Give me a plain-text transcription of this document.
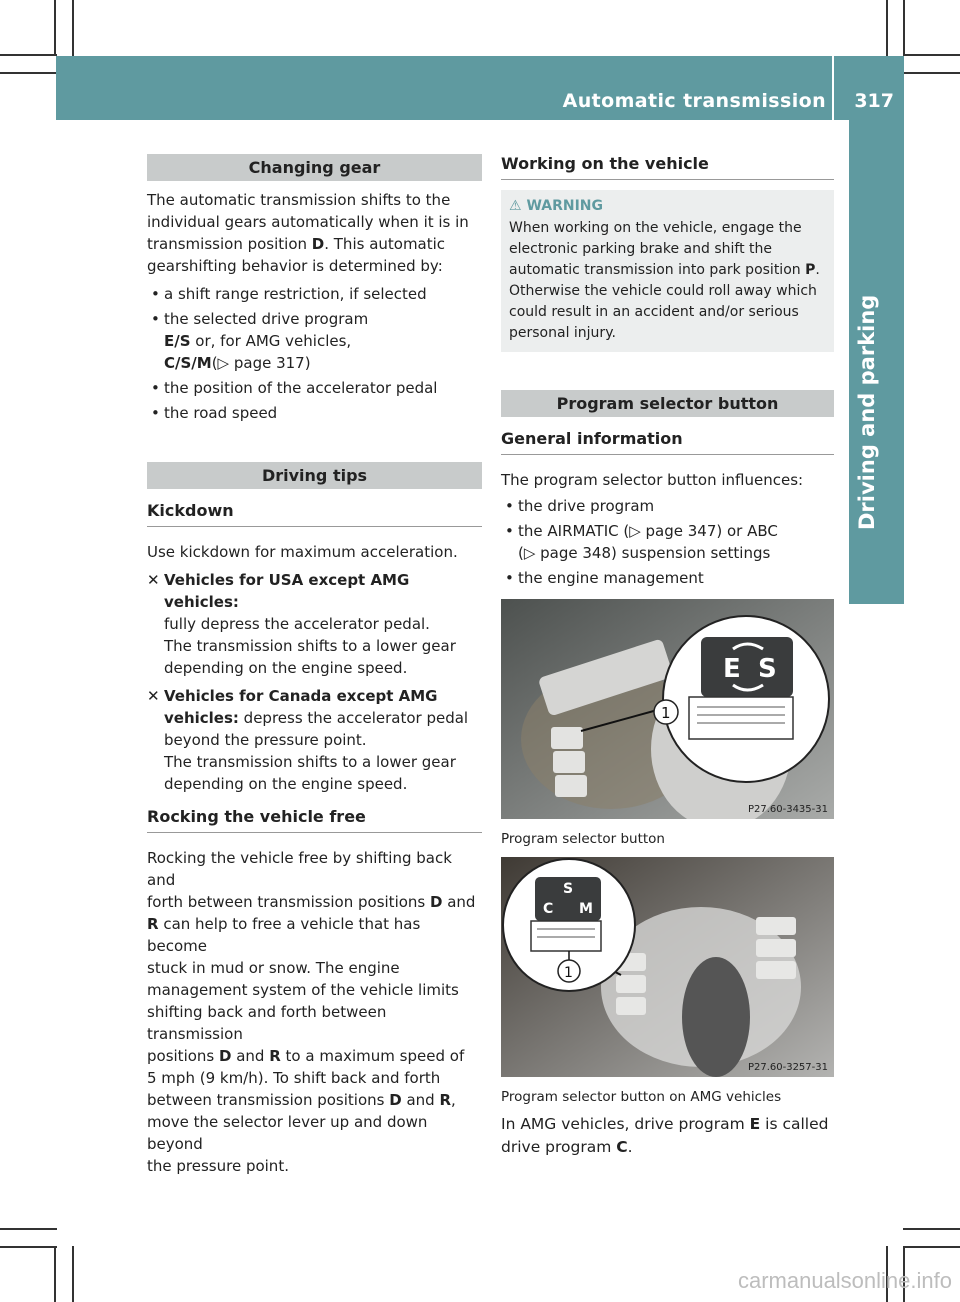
Automatic transmission 317
Driving and parking
Changing gear

The automatic transmission shifts to the

individual gears automatically when it is in

transmission position D. This automatic

gearshifting behavior is determined by:

• a shift range restriction, if selected
• the selected drive program
E/S or, for AMG vehicles,
C/S/M(▷ page 317)
• the position of the accelerator pedal
• the road speed
Driving tips
Kickdown

Use kickdown for maximum acceleration.

✕ Vehicles for USA except AMG vehicles:
fully depress the accelerator pedal.
The transmission shifts to a lower gear
depending on the engine speed.
✕ Vehicles for Canada except AMG
vehicles: depress the accelerator pedal
beyond the pressure point.
The transmission shifts to a lower gear
depending on the engine speed.
Rocking the vehicle free

Rocking the vehicle free by shifting back and

forth between transmission positions D and

R can help to free a vehicle that has become

stuck in mud or snow. The engine

management system of the vehicle limits

shifting back and forth between transmission

positions D and R to a maximum speed of

5 mph (9 km/h). To shift back and forth

between transmission positions D and R,

move the selector lever up and down beyond

the pressure point.

Working on the vehicle
⚠ WARNING

When working on the vehicle, engage the

electronic parking brake and shift the

automatic transmission into park position P.

Otherwise the vehicle could roll away which

could result in an accident and/or serious

personal injury.

Program selector button
General information

The program selector button influences:

• the drive program
• the AIRMATIC (▷ page 347) or ABC
(▷ page 348) suspension settings
• the engine management
E S
1
P27.60-3435-31
Program selector button
S
C M
1
P27.60-3257-31
Program selector button on AMG vehicles

In AMG vehicles, drive program E is called

drive program C.

carmanualsonline.info
